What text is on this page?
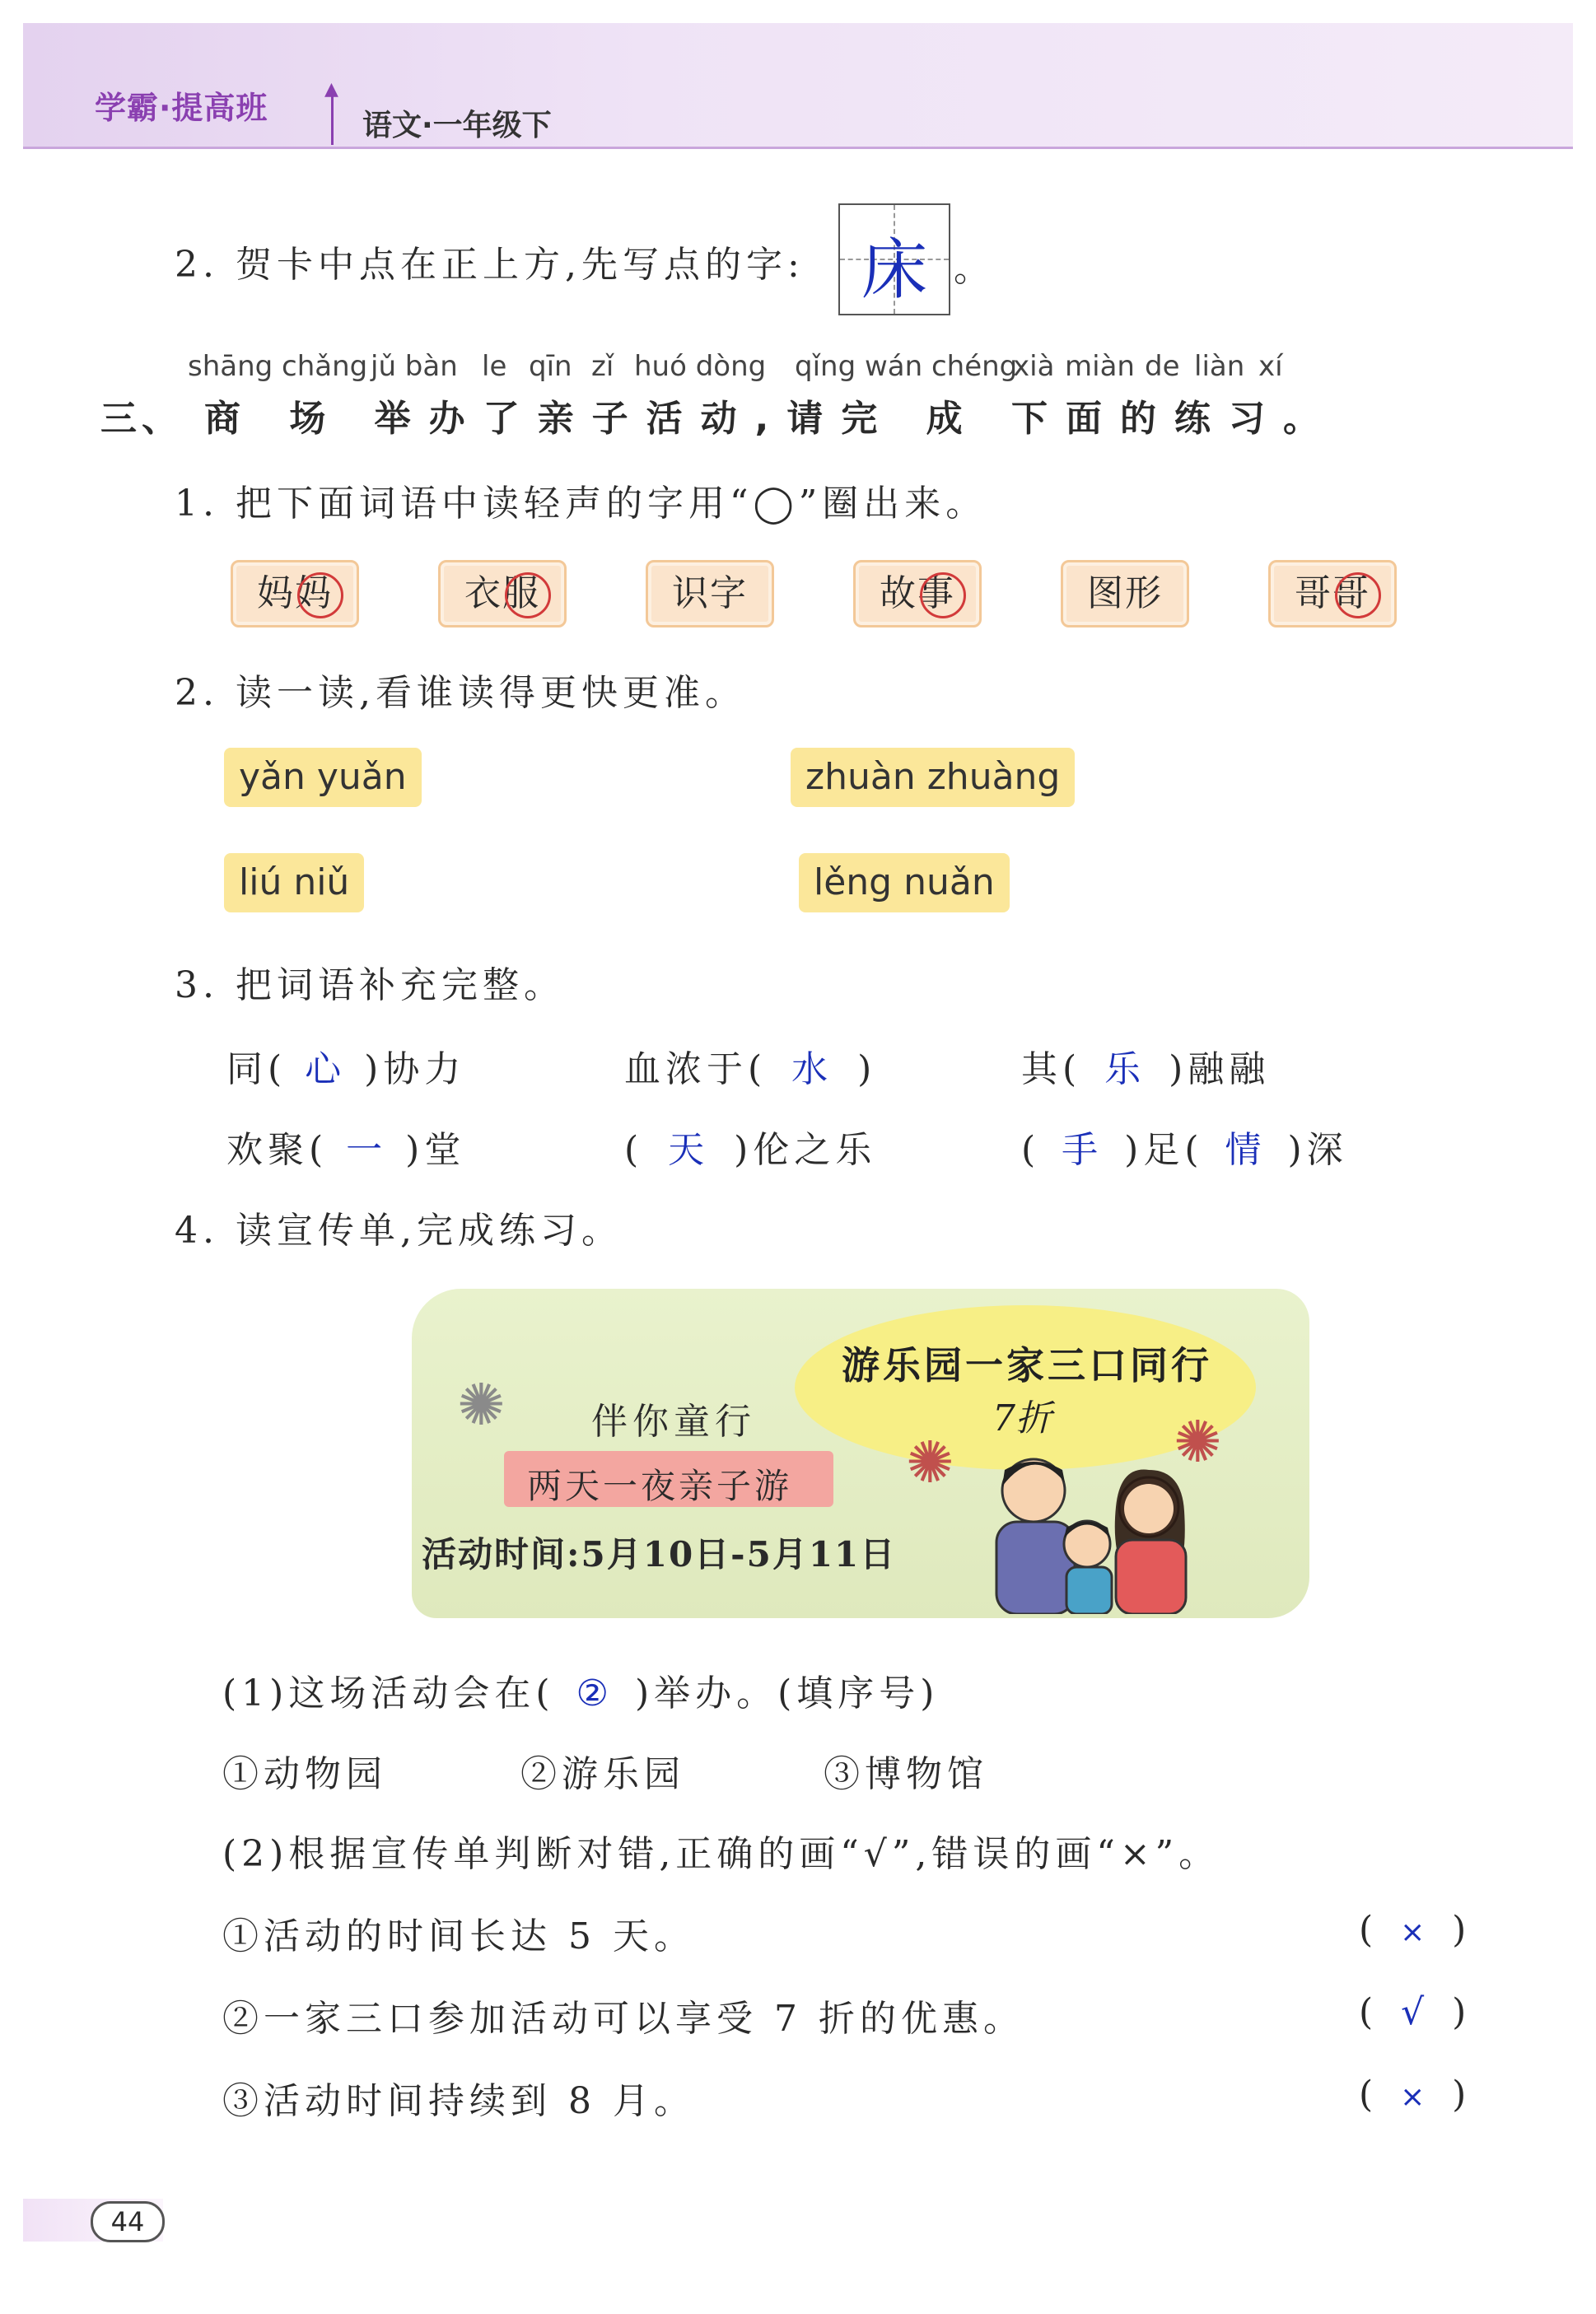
学霸·提高班
▲
语文·一年级下
2. 贺卡中点在正上方,先写点的字: 床 。
shāng chǎng jǔ bàn le qīn zǐ huó dòng qǐng wán chéng
xià miàn de liàn xí
三、 商 场 举办了亲子活动,请完 成 下面的练习。
1. 把下面词语中读轻声的字用“◯”圈出来。
妈妈	衣服	识字	故事	图形	哥哥
2. 读一读,看谁读得更快更准。
yǎn yuǎn	zhuàn zhuàng
liú niǔ	lěng nuǎn
3. 把词语补充完整。
同( 心 )协力	血浓于( 水 )	其( 乐 )融融
欢聚( 一 )堂	( 天 )伦之乐	( 手 )足( 情 )深
4. 读宣传单,完成练习。
游乐园一家三口同行
7折
✺
✺	✺
伴你童行
两天一夜亲子游
活动时间:5月10日-5月11日
(1)这场活动会在( ② )举办。(填序号)
①动物园	②游乐园	③博物馆
(2)根据宣传单判断对错,正确的画“√”,错误的画“×”。
①活动的时间长达 5 天。	( × )
②一家三口参加活动可以享受 7 折的优惠。	( √ )
③活动时间持续到 8 月。	( × )
44
